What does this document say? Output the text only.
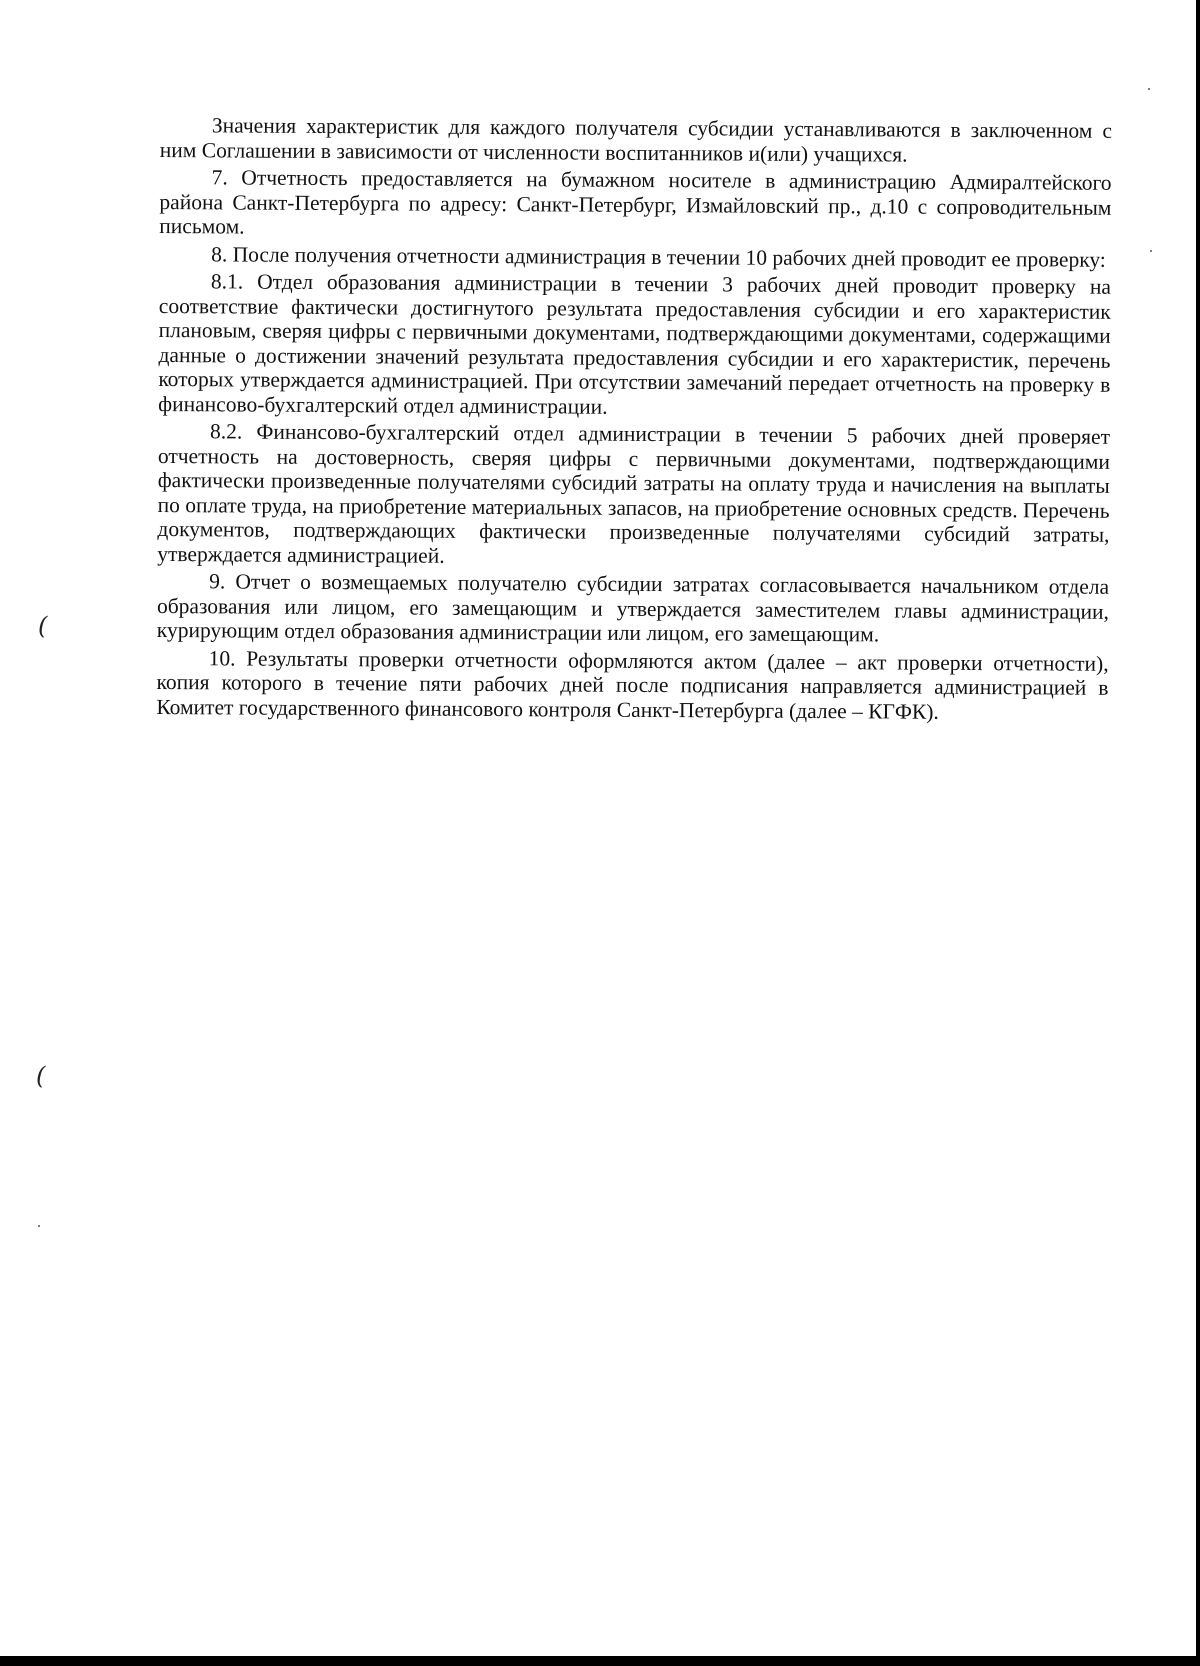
Значения характеристик для каждого получателя субсидии устанавливаются в заключенном с ним Соглашении в зависимости от численности воспитанников и(или) учащихся.

7. Отчетность предоставляется на бумажном носителе в администрацию Адмиралтейского района Санкт-Петербурга по адресу: Санкт-Петербург, Измайловский пр., д.10 с сопроводительным письмом.

8. После получения отчетности администрация в течении 10 рабочих дней проводит ее проверку:

8.1. Отдел образования администрации в течении 3 рабочих дней проводит проверку на соответствие фактически достигнутого результата предоставления субсидии и его характеристик плановым, сверяя цифры с первичными документами, подтверждающими документами, содержащими данные о достижении значений результата предоставления субсидии и его характеристик, перечень которых утверждается администрацией. При отсутствии замечаний передает отчетность на проверку в финансово-бухгалтерский отдел администрации.

8.2. Финансово-бухгалтерский отдел администрации в течении 5 рабочих дней проверяет отчетность на достоверность, сверяя цифры с первичными документами, подтверждающими фактически произведенные получателями субсидий затраты на оплату труда и начисления на выплаты по оплате труда, на приобретение материальных запасов, на приобретение основных средств. Перечень документов, подтверждающих фактически произведенные получателями субсидий затраты, утверждается администрацией.

9. Отчет о возмещаемых получателю субсидии затратах согласовывается начальником отдела образования или лицом, его замещающим и утверждается заместителем главы администрации, курирующим отдел образования администрации или лицом, его замещающим.

10. Результаты проверки отчетности оформляются актом (далее – акт проверки отчетности), копия которого в течение пяти рабочих дней после подписания направляется администрацией в Комитет государственного финансового контроля Санкт-Петербурга (далее – КГФК).

(
(
